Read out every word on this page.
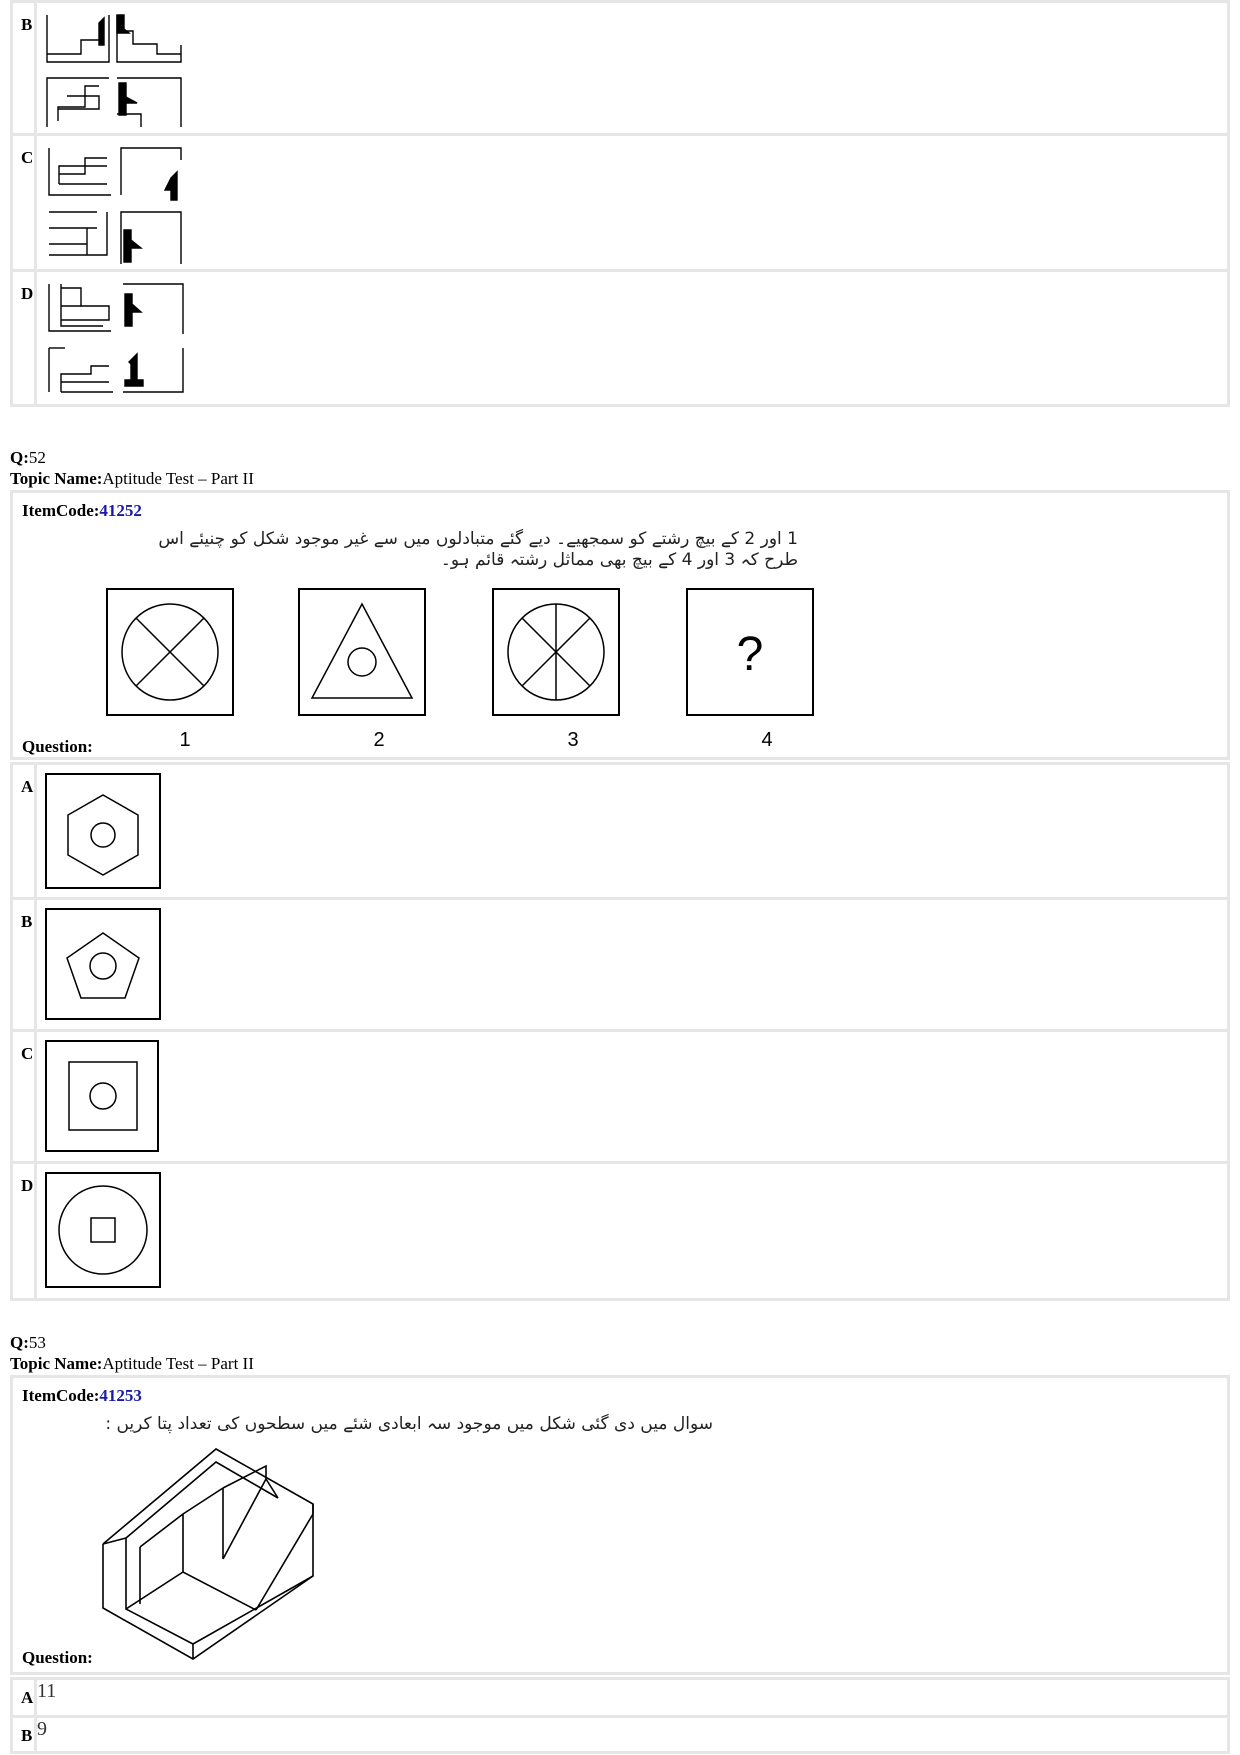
B	

C	

D	
Q:52
Topic Name:Aptitude Test – Part II
ItemCode:41252
1 اور 2 کے بیچ رشتے کو سمجھیے۔ دیے گئے متبادلوں میں سے غیر موجود شکل کو چنیئے اس
طرح کہ 3 اور 4 کے بیچ بھی مماثل رشتہ قائم ہو۔
?
1	2	3	4
Question:
A	

B	

C	

D	
Q:53
Topic Name:Aptitude Test – Part II
ItemCode:41253
سوال میں دی گئی شکل میں موجود سہ ابعادی شئے میں سطحوں کی تعداد پتا کریں :
Question:
A	11
B	9
